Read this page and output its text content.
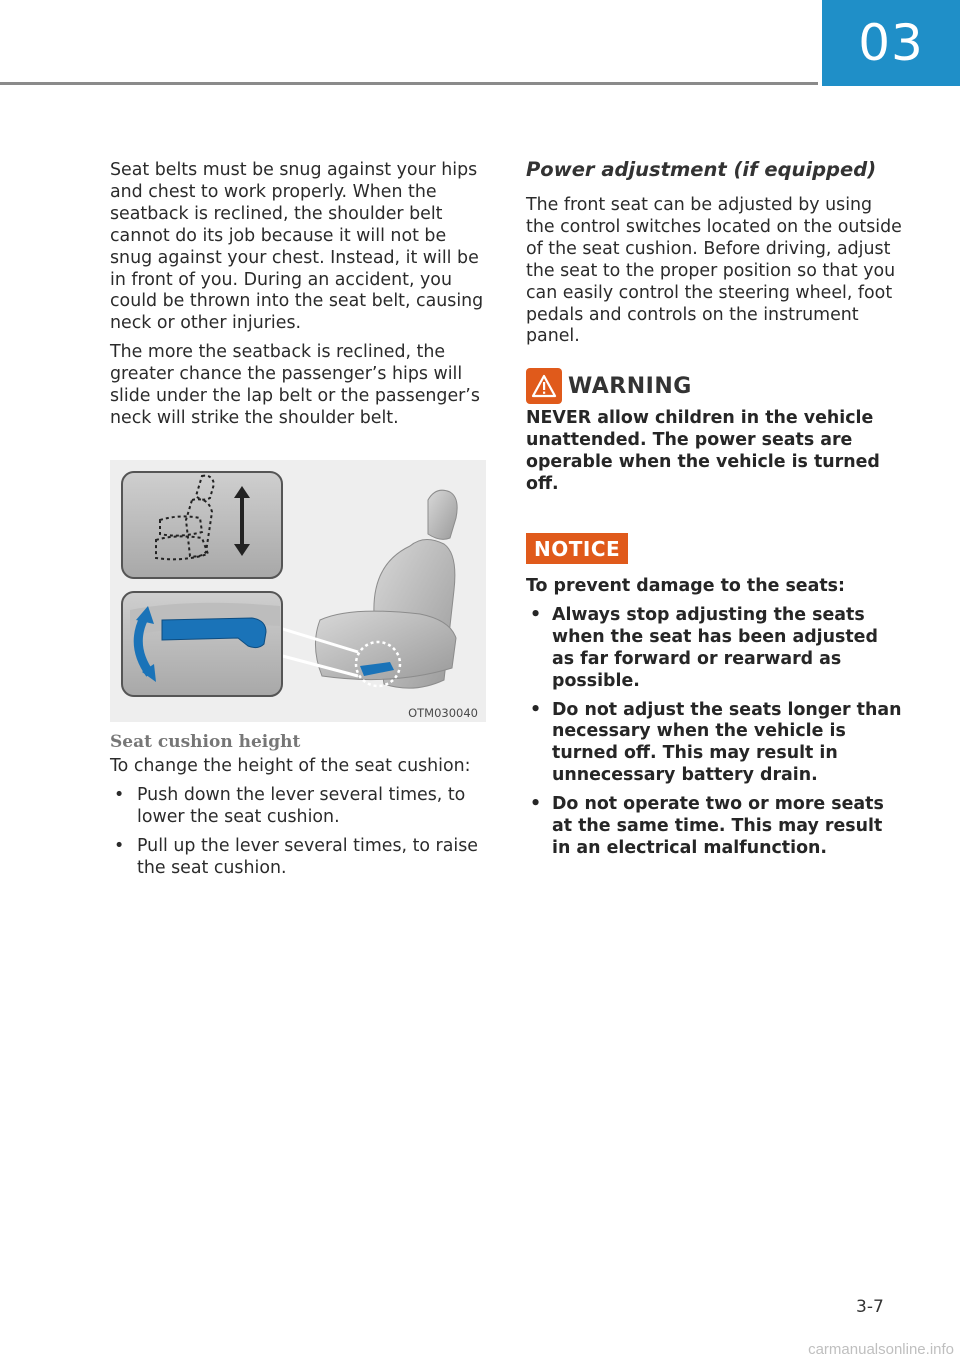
03

Seat belts must be snug against your hips and chest to work properly. When the seatback is reclined, the shoulder belt cannot do its job because it will not be snug against your chest. Instead, it will be in front of you. During an accident, you could be thrown into the seat belt, causing neck or other injuries.

The more the seatback is reclined, the greater chance the passenger’s hips will slide under the lap belt or the passenger’s neck will strike the shoulder belt.

OTM030040
Seat cushion height

To change the height of the seat cushion:

• Push down the lever several times, to lower the seat cushion.
• Pull up the lever several times, to raise the seat cushion.
Power adjustment (if equipped)

The front seat can be adjusted by using the control switches located on the outside of the seat cushion. Before driving, adjust the seat to the proper position so that you can easily control the steering wheel, foot pedals and controls on the instrument panel.

WARNING

NEVER allow children in the vehicle unattended. The power seats are operable when the vehicle is turned off.

NOTICE

To prevent damage to the seats:

• Always stop adjusting the seats when the seat has been adjusted as far forward or rearward as possible.
• Do not adjust the seats longer than necessary when the vehicle is turned off. This may result in unnecessary battery drain.
• Do not operate two or more seats at the same time. This may result in an electrical malfunction.
3-7
carmanualsonline.info
